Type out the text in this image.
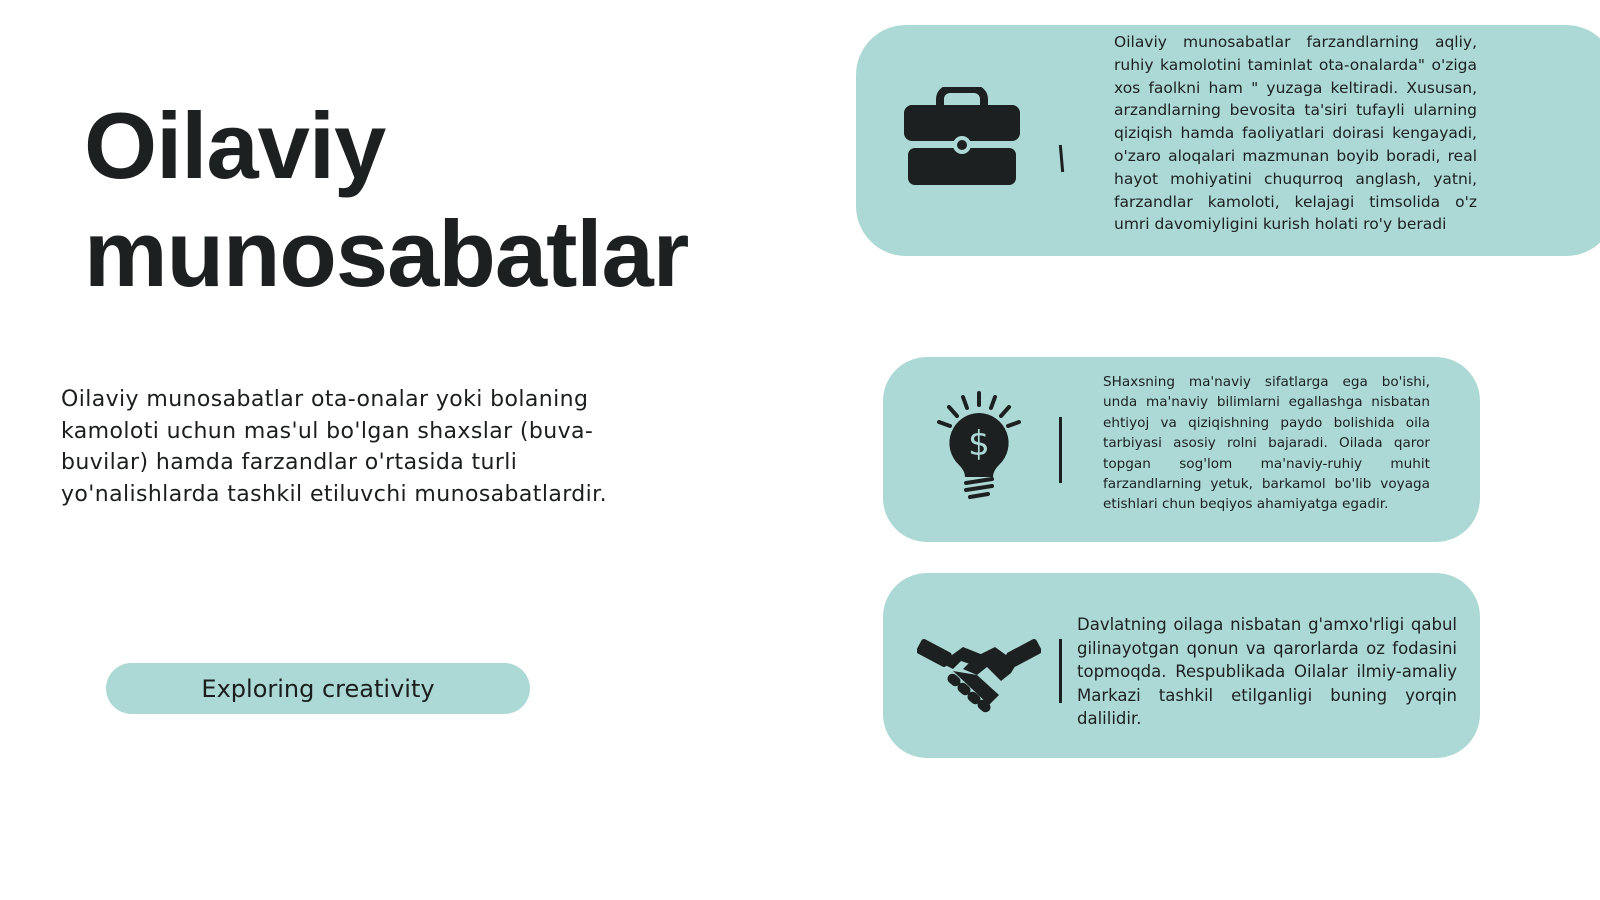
Oilaviy
munosabatlar

Oilaviy munosabatlar ota-onalar yoki bolaning kamoloti uchun mas'ul bo'lgan shaxslar (buva-buvilar) hamda farzandlar o'rtasida turli yo'nalishlarda tashkil etiluvchi munosabatlardir.

Exploring creativity

Oilaviy munosabatlar farzandlarning aqliy, ruhiy kamolotini taminlat ota-onalarda" o'ziga xos faolkni ham " yuzaga keltiradi. Xususan, arzandlarning bevosita ta'siri tufayli ularning qiziqish hamda faoliyatlari doirasi kengayadi, o'zaro aloqalari mazmunan boyib boradi, real hayot mohiyatini chuqurroq anglash, yatni, farzandlar kamoloti, kelajagi timsolida o'z umri davomiyligini kurish holati ro'y beradi

$

SHaxsning ma'naviy sifatlarga ega bo'ishi, unda ma'naviy bilimlarni egallashga nisbatan ehtiyoj va qiziqishning paydo bolishida oila tarbiyasi asosiy rolni bajaradi. Oilada qaror topgan sog'lom ma'naviy-ruhiy muhit farzandlarning yetuk, barkamol bo'lib voyaga etishlari chun beqiyos ahamiyatga egadir.

Davlatning oilaga nisbatan g'amxo'rligi qabul gilinayotgan qonun va qarorlarda oz fodasini topmoqda. Respublikada Oilalar ilmiy-amaliy Markazi tashkil etilganligi buning yorqin dalilidir.
